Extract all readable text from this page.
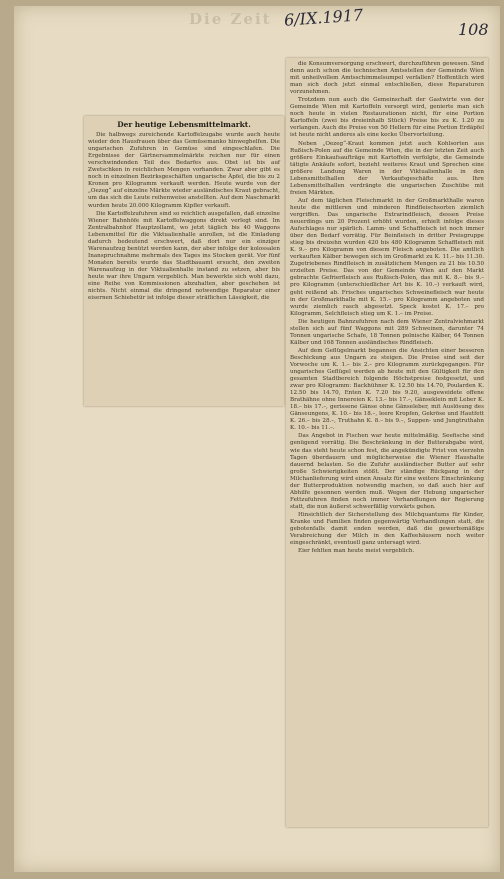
Die Zeit 6/IX.1917	108
Der heutige Lebensmittelmarkt.

Die halbwegs zureichende Kartoffelzugabe wurde auch heute wieder den Hausfrauen über das Gemüsemanko hinweghelfen. Die ungarischen Zufuhren in Gemüse sind eingeschlafen. Die Ergebnisse der Gärtnersammelmärkte reichen nur für einen verschwindenden Teil des Bedarfes aus. Obst ist bis auf Zwetschken in reichlichen Mengen vorhanden. Zwar aber gibt es noch in einzelnen Bezirksgeschäften ungarische Äpfel, die bis zu 2 Kronen pro Kilogramm verkauft werden. Heute wurde von der „Oezeg“ auf einzelne Märkte wieder ausländisches Kraut gebracht, um das sich die Leute reihenweise anstellten. Auf dem Naschmarkt wurden heute 20.000 Kilogramm Kipfler verkauft.

Die Kartoffelzufuhren sind so reichlich ausgefallen, daß einzelne Wiener Bahnhöfe mit Kartoffelwaggons direkt verlegt sind. Im Zentralbahnhof Hauptzollamt, wo jetzt täglich bis 40 Waggons Lebensmittel für die Viktualienhalle anrollen, ist die Einladung dadurch bedeutend erschwert, daß dort nur ein einziger Warenaufzug benützt werden kann, der aber infolge der kolossalen Inanspruchnahme mehrmals des Tages ins Stocken gerät. Vor fünf Monaten bereits wurde das Stadtbauamt ersucht, den zweiten Warenaufzug in der Viktualienhalle instand zu setzen, aber bis heute war ihre Ungarn vergeblich. Man bewerkte sich wohl dazu, eine Reihe von Kommissionen abzuhalten, aber geschehen ist nichts. Nicht einmal die dringend notwendige Reparatur einer eisernen Schiebetür ist infolge dieser sträflichen Lässigkeit, die

die Konsumversorgung erschwert, durchzuführen gewesen. Sind denn auch schon die technischen Amtsstellen der Gemeinde Wien mit unheilvollem Amtsschimmelsumpel verfallen? Hoffentlich wird man sich doch jetzt einmal entschließen, diese Reparaturen vorzunehmen.

Trotzdem nun auch die Gemeinschaft der Gastwirte von der Gemeinde Wien mit Kartoffeln versorgt wird, genierte man sich noch heute in vielen Restaurationen nicht, für eine Portion Kartoffeln (zwei bis dreieinhalb Stück) Preise bis zu K. 1.20 zu verlangen. Auch die Preise von 50 Hellern für eine Portion Erdäpfel ist heute nicht anderes als eine kecke Übervorteilung.

Neben „Oezeg“-Kraut kommen jetzt auch Kohlsorten aus Rußisch-Polen auf die Gemeinde Wien, die in der letzten Zeit auch größere Einkaufsaufträge mit Kartoffeln verfolgte, die Gemeinde tätigte Ankäufe sofort, bezieht weiteres Kraut und Sprechen eine größere Landung Waren in der Viktualienhalle in den Lebensmittelhallen der Verkaufsgeschäfte aus. Ihre Lebensmittelhallen verdrängte die ungarischen Zuschübe mit freien Märkten.

Auf dem täglichen Fleischmarkt in der Großmarkthalle waren heute die mittleren und minderen Rindfleischsorten ziemlich vergriffen. Das ungarische Extrarindfleisch, dessen Preise neuerdings um 20 Prozent erhöht wurden, erhielt infolge dieses Aufschlages nur spärlich. Lamm- und Schaffleisch ist noch immer über den Bedarf vorrätig. Für Beinfleisch in dritter Preisgruppe stieg bis dreizehn wurden 420 bis 480 Kilogramm Schaffleisch mit K. 9.– pro Kilogramm von diesem Fleisch angeboten. Die amtlich verkauften Kälber bewegen sich im Großmarkt zu K. 11.– bis 11.30. Zugetriebenes Rindfleisch in zusätzlichem Mengen zu 21 bis 10.50 erzielten Preise. Das von der Gemeinde Wien auf den Markt gebrachte Gefrierfleisch aus Rußisch-Polen, das mit K. 8.– bis 9.– pro Kilogramm (unterschiedlicher Art bis K. 10.–) verkauft wird, geht reißend ab. Frisches ungarisches Schweinefleisch war heute in der Großmarkthalle mit K. 15.– pro Kilogramm angeboten und wurde ziemlich rasch abgesetzt. Speck kostet K. 17.– pro Kilogramm, Selchfleisch stieg um K. 1.– im Preise.

Die heutigen Bahnzufuhren nach dem Wiener Zentralviehmarkt stellen sich auf fünf Waggons mit 289 Schweinen, darunter 74 Tonnen ungarische Schafe, 18 Tonnen polnische Kälber, 64 Tonnen Kälber und 168 Tonnen ausländisches Rindfleisch.

Auf dem Geflügelmarkt begannen die Ansichten einer besseren Beschickung aus Ungarn zu steigen. Die Preise sind seit der Vorwoche um K. 1.– bis 2.– pro Kilogramm zurückgegangen. Für ungarisches Geflügel werden ab heute mit den Gültigkeit für den gesamten Stadtbereich folgende Höchstpreise festgesetzt, und zwar pro Kilogramm: Backhühner K. 12.50 bis 14.70, Poularden K. 12.50 bis 14.70, Enten K. 7.20 bis 9.20, ausgeweidete offene Brathähne ohne Innereien K. 13.– bis 17.–, Gänseklein mit Leber K. 18.– bis 17.–, gerissene Gänse ohne Gänseleber, mit Auslösung des Gänseungens, K. 10.– bis 18.–, leere Kropfen, Gekröse und Hautfett K. 26.– bis 28.–, Truthahn K. 8.– bis 9.–, Suppen- und Jungtruthahn K. 10.– bis 11.–.

Das Angebot in Fischen war heute mittelmäßig. Seefische sind genügend vorrätig. Die Beschränkung in der Butterabgabe wird, wie das steht heute schon fest, die angekündigte Frist von vierzehn Tagen überdauern und möglicherweise die Wiener Haushalte dauernd belasten. So die Zufuhr ausländischer Butter auf sehr große Schwierigkeiten stößt. Der ständige Rückgang in der Milchanlieferung wird einen Ansatz für eine weitere Einschränkung der Butterproduktion notwendig machen, so daß auch hier auf Abhilfe gesonnen werden muß. Wegen der Hebung ungarischer Fettzufuhren finden noch immer Verhandlungen der Regierung statt, die nun äußerst schwerfällig vorwärts gehen.

Hinsichtlich der Sicherstellung des Milchquantums für Kinder, Kranke und Familien finden gegenwärtig Verhandlungen statt, die gebotenfalls damit enden werden, daß die gewerbsmäßige Verabreichung der Milch in den Kaffeehäusern noch weiter eingeschränkt, eventuell ganz untersagt wird.

Eier fehlten man heute meist vergeblich.
